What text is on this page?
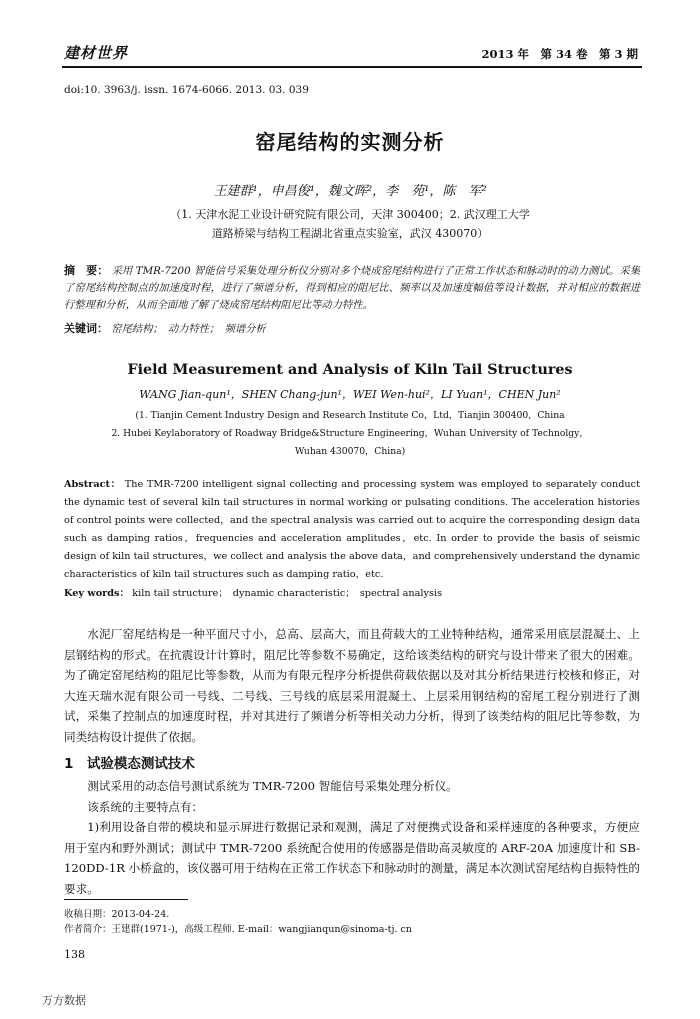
建材世界	2013 年　第 34 卷　第 3 期
doi:10. 3963/j. issn. 1674-6066. 2013. 03. 039
窑尾结构的实测分析
王建群¹，申昌俊¹，魏文晖²，李　苑¹，陈　军²
（1. 天津水泥工业设计研究院有限公司，天津 300400；2. 武汉理工大学
道路桥梁与结构工程湖北省重点实验室，武汉 430070）
摘　要： 采用 TMR-7200 智能信号采集处理分析仪分别对多个烧成窑尾结构进行了正常工作状态和脉动时的动力测试。采集了窑尾结构控制点的加速度时程，进行了频谱分析，得到相应的阻尼比、频率以及加速度幅值等设计数据，并对相应的数据进行整理和分析，从而全面地了解了烧成窑尾结构阻尼比等动力特性。
关键词： 窑尾结构；　动力特性；　频谱分析
Field Measurement and Analysis of Kiln Tail Structures
WANG Jian-qun¹，SHEN Chang-jun¹，WEI Wen-hui²，LI Yuan¹，CHEN Jun²
(1. Tianjin Cement Industry Design and Research Institute Co，Ltd，Tianjin 300400，China
2. Hubei Keylaboratory of Roadway Bridge&Structure Engineering，Wuhan University of Technolgy，
Wuhan 430070，China)
Abstract： The TMR-7200 intelligent signal collecting and processing system was employed to separately conduct the dynamic test of several kiln tail structures in normal working or pulsating conditions. The acceleration histories of control points were collected，and the spectral analysis was carried out to acquire the corresponding design data such as damping ratios，frequencies and acceleration amplitudes，etc. In order to provide the basis of seismic design of kiln tail structures，we collect and analysis the above data，and comprehensively understand the dynamic characteristics of kiln tail structures such as damping ratio，etc.
Key words： kiln tail structure；　dynamic characteristic；　spectral analysis

水泥厂窑尾结构是一种平面尺寸小，总高、层高大，而且荷载大的工业特种结构，通常采用底层混凝土、上层钢结构的形式。在抗震设计计算时，阻尼比等参数不易确定，这给该类结构的研究与设计带来了很大的困难。为了确定窑尾结构的阻尼比等参数，从而为有限元程序分析提供荷载依据以及对其分析结果进行校核和修正，对大连天瑞水泥有限公司一号线、二号线、三号线的底层采用混凝土、上层采用钢结构的窑尾工程分别进行了测试，采集了控制点的加速度时程，并对其进行了频谱分析等相关动力分析，得到了该类结构的阻尼比等参数，为同类结构设计提供了依据。

1　试验模态测试技术

测试采用的动态信号测试系统为 TMR-7200 智能信号采集处理分析仪。

该系统的主要特点有：

1)利用设备自带的模块和显示屏进行数据记录和观测，满足了对便携式设备和采样速度的各种要求，方便应用于室内和野外测试；测试中 TMR-7200 系统配合使用的传感器是借助高灵敏度的 ARF-20A 加速度计和 SB-120DD-1R 小桥盒的，该仪器可用于结构在正常工作状态下和脉动时的测量，满足本次测试窑尾结构自振特性的要求。

收稿日期：2013-04-24.
作者简介：王建群(1971-)，高级工程师. E-mail：wangjianqun@sinoma-tj. cn
138
万方数据
